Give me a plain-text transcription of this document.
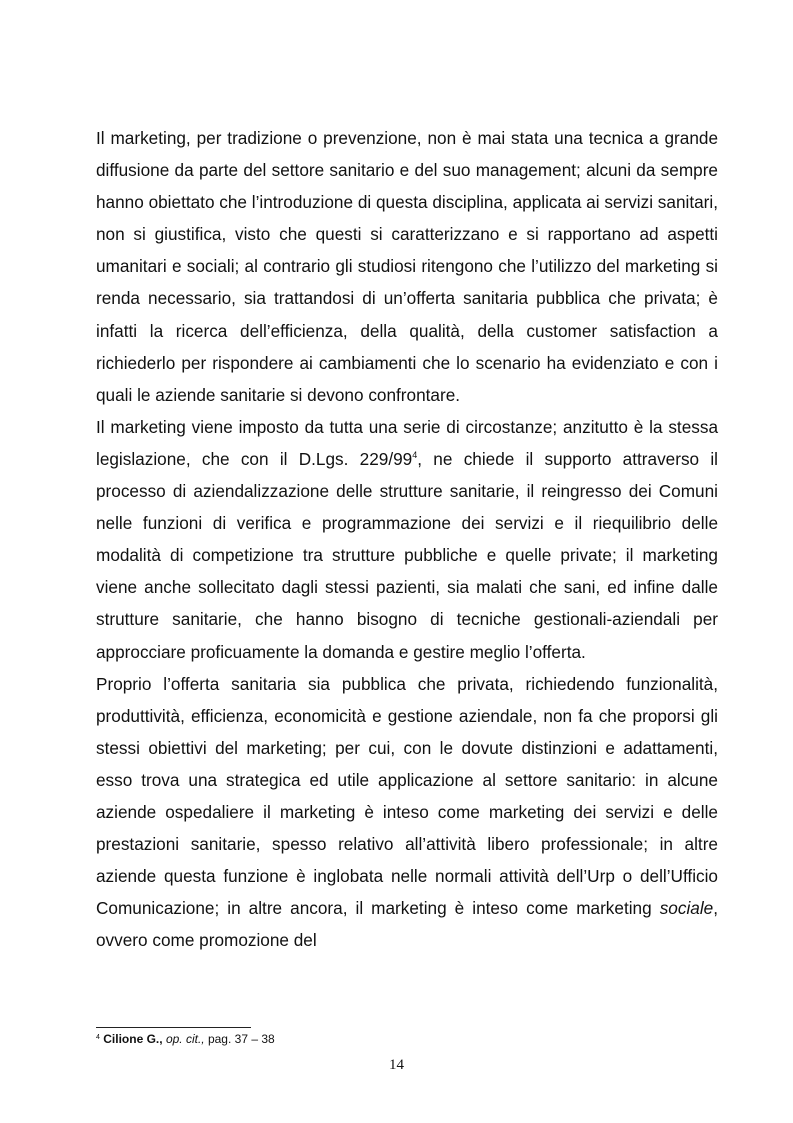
Il marketing, per tradizione o prevenzione, non è mai stata una tecnica a grande diffusione da parte del settore sanitario e del suo management; alcuni da sempre hanno obiettato che l’introduzione di questa disciplina, applicata ai servizi sanitari, non si giustifica, visto che questi si caratterizzano e si rapportano ad aspetti umanitari e sociali; al contrario gli studiosi ritengono che l’utilizzo del marketing si renda necessario, sia trattandosi di un’offerta sanitaria pubblica che privata; è infatti la ricerca dell’efficienza, della qualità, della customer satisfaction a richiederlo per rispondere ai cambiamenti che lo scenario ha evidenziato e con i quali le aziende sanitarie si devono confrontare.

Il marketing viene imposto da tutta una serie di circostanze; anzitutto è la stessa legislazione, che con il D.Lgs. $229/99^4$, ne chiede il supporto attraverso il processo di aziendalizzazione delle strutture sanitarie, il reingresso dei Comuni nelle funzioni di verifica e programmazione dei servizi e il riequilibrio delle modalità di competizione tra strutture pubbliche e quelle private; il marketing viene anche sollecitato dagli stessi pazienti, sia malati che sani, ed infine dalle strutture sanitarie, che hanno bisogno di tecniche gestionali-aziendali per approcciare proficuamente la domanda e gestire meglio l’offerta.

Proprio l’offerta sanitaria sia pubblica che privata, richiedendo funzionalità, produttività, efficienza, economicità e gestione aziendale, non fa che proporsi gli stessi obiettivi del marketing; per cui, con le dovute distinzioni e adattamenti, esso trova una strategica ed utile applicazione al settore sanitario: in alcune aziende ospedaliere il marketing è inteso come marketing dei servizi e delle prestazioni sanitarie, spesso relativo all’attività libero professionale; in altre aziende questa funzione è inglobata nelle normali attività dell’Urp o dell’Ufficio Comunicazione; in altre ancora, il marketing è inteso come marketing sociale, ovvero come promozione del

$^4$ Cilione G., op. cit., pag. 37 – 38
14
